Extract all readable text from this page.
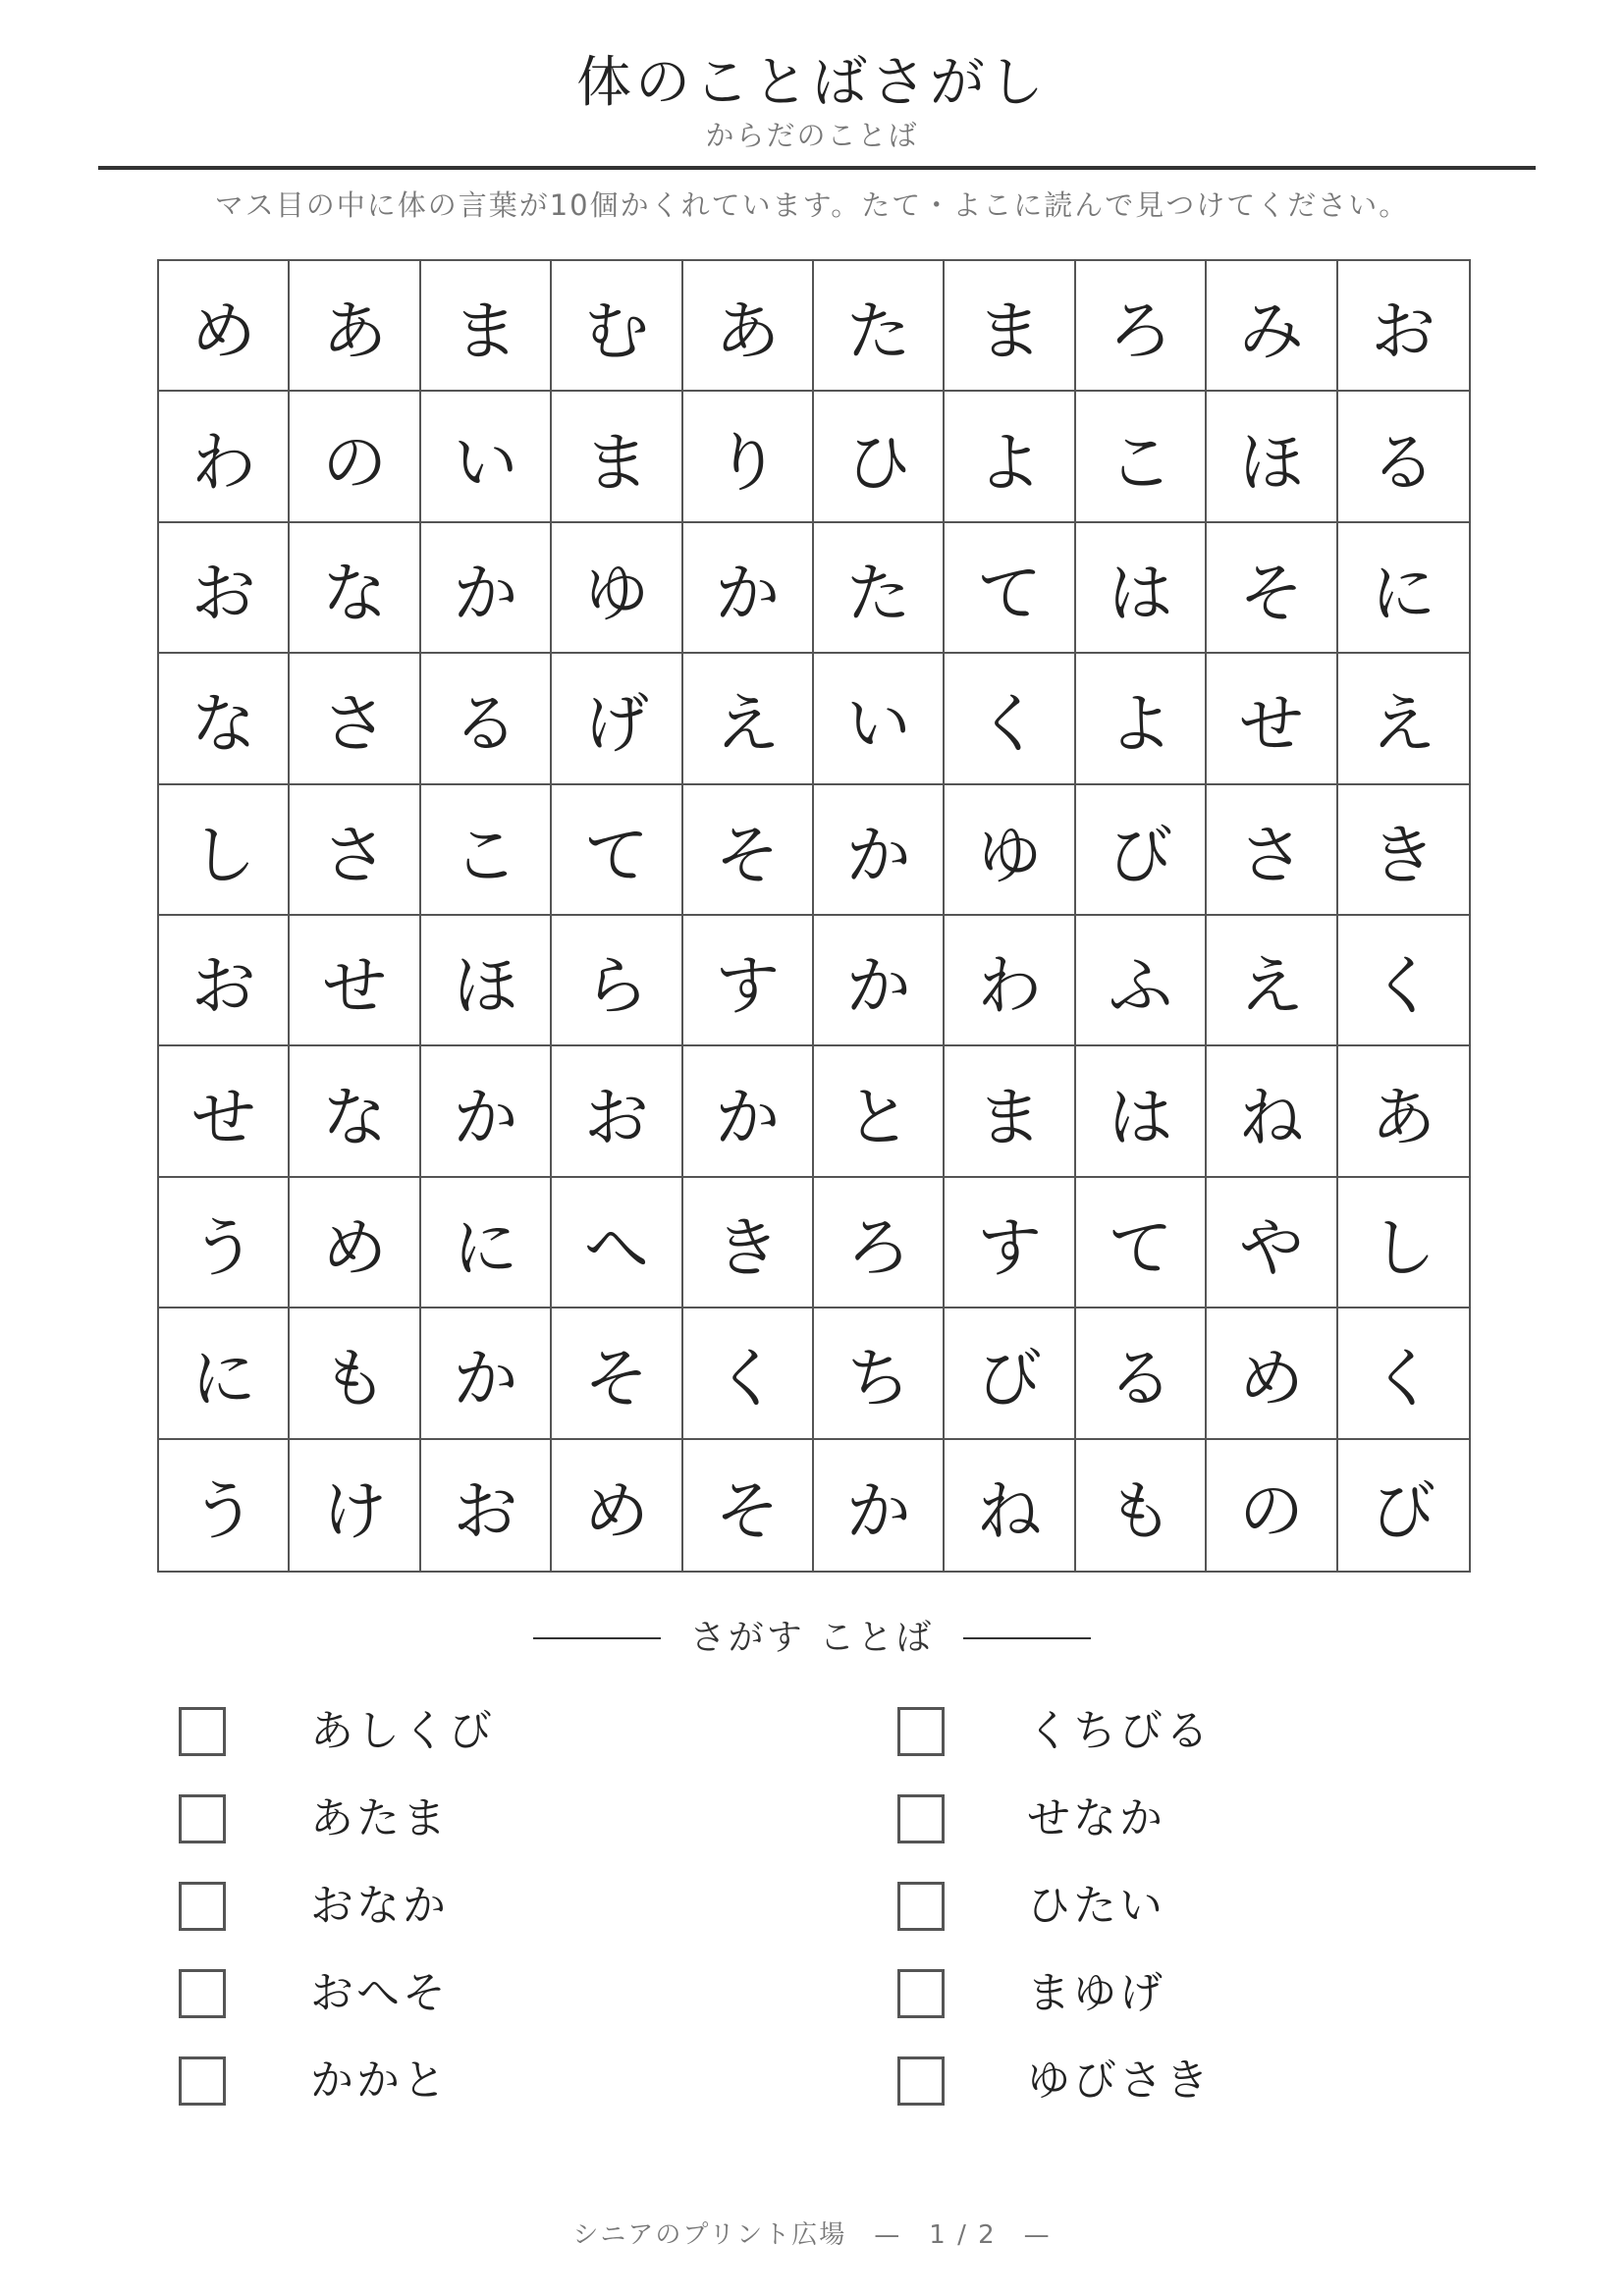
体のことばさがし
からだのことば
マス目の中に体の言葉が10個かくれています。たて・よこに読んで見つけてください。
め	あ	ま	む	あ	た	ま	ろ	み	お
わ	の	い	ま	り	ひ	よ	こ	ほ	る
お	な	か	ゆ	か	た	て	は	そ	に
な	さ	る	げ	え	い	く	よ	せ	え
し	さ	こ	て	そ	か	ゆ	び	さ	き
お	せ	ほ	ら	す	か	わ	ふ	え	く
せ	な	か	お	か	と	ま	は	ね	あ
う	め	に	へ	き	ろ	す	て	や	し
に	も	か	そ	く	ち	び	る	め	く
う	け	お	め	そ	か	ね	も	の	び
さがす ことば
あしくび
あたま
おなか
おへそ
かかと
くちびる
せなか
ひたい
まゆげ
ゆびさき
シニアのプリント広場　—　1 / 2　—
